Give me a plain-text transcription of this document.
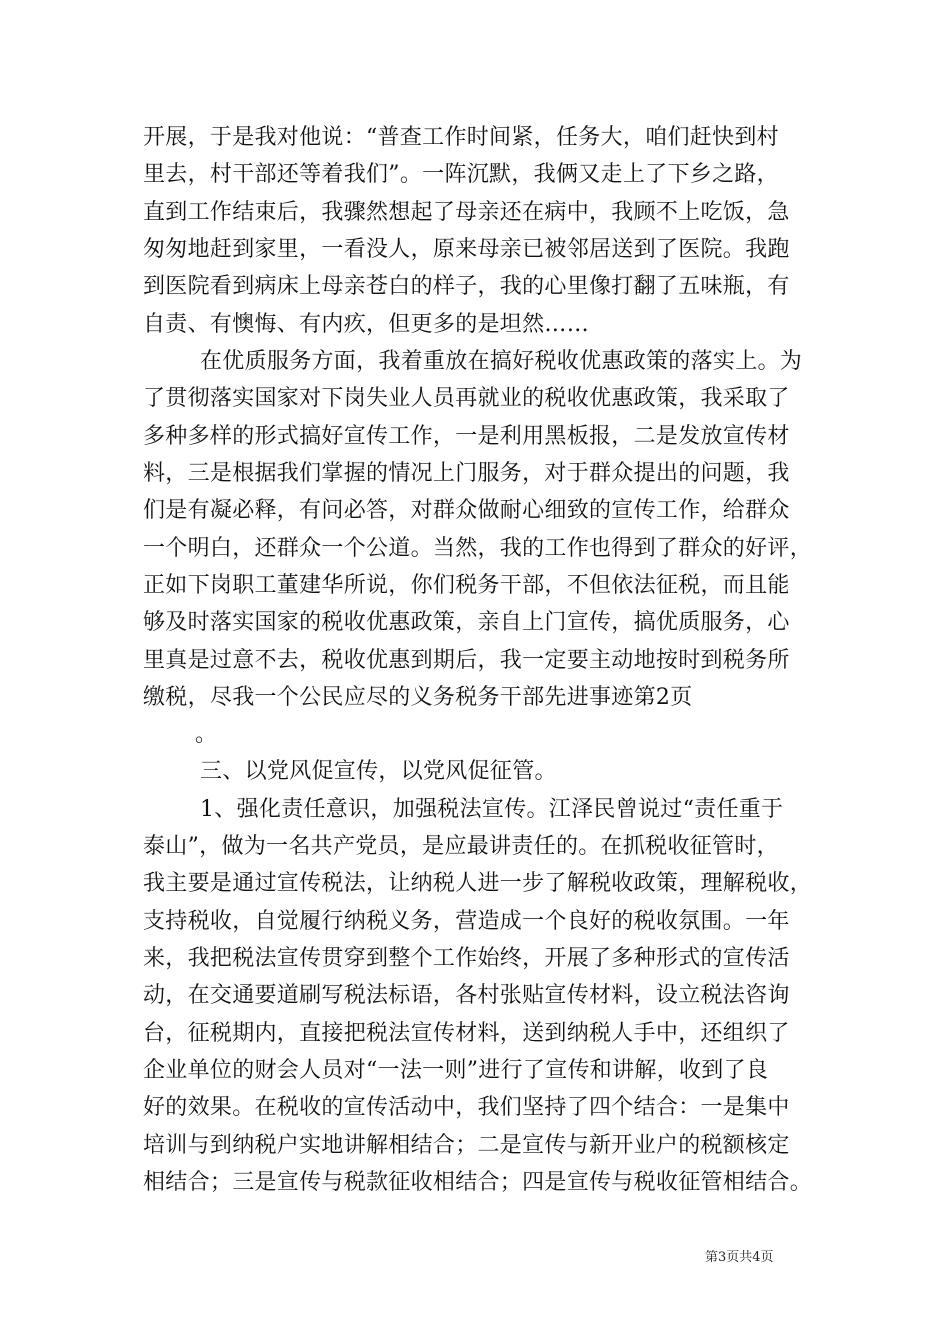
开展，于是我对他说：“普查工作时间紧，任务大，咱们赶快到村
里去，村干部还等着我们”。一阵沉默，我俩又走上了下乡之路，
直到工作结束后，我骤然想起了母亲还在病中，我顾不上吃饭，急
匆匆地赶到家里，一看没人，原来母亲已被邻居送到了医院。我跑
到医院看到病床上母亲苍白的样子，我的心里像打翻了五味瓶，有
自责、有懊悔、有内疚，但更多的是坦然……
在优质服务方面，我着重放在搞好税收优惠政策的落实上。为
了贯彻落实国家对下岗失业人员再就业的税收优惠政策，我采取了
多种多样的形式搞好宣传工作，一是利用黑板报，二是发放宣传材
料，三是根据我们掌握的情况上门服务，对于群众提出的问题，我
们是有凝必释，有问必答，对群众做耐心细致的宣传工作，给群众
一个明白，还群众一个公道。当然，我的工作也得到了群众的好评，
正如下岗职工董建华所说，你们税务干部，不但依法征税，而且能
够及时落实国家的税收优惠政策，亲自上门宣传，搞优质服务，心
里真是过意不去，税收优惠到期后，我一定要主动地按时到税务所
缴税，尽我一个公民应尽的义务税务干部先进事迹第2页
。
三、以党风促宣传，以党风促征管。
1、强化责任意识，加强税法宣传。江泽民曾说过“责任重于
泰山”，做为一名共产党员，是应最讲责任的。在抓税收征管时，
我主要是通过宣传税法，让纳税人进一步了解税收政策，理解税收，
支持税收，自觉履行纳税义务，营造成一个良好的税收氛围。一年
来，我把税法宣传贯穿到整个工作始终，开展了多种形式的宣传活
动，在交通要道刷写税法标语，各村张贴宣传材料，设立税法咨询
台，征税期内，直接把税法宣传材料，送到纳税人手中，还组织了
企业单位的财会人员对“一法一则”进行了宣传和讲解，收到了良
好的效果。在税收的宣传活动中，我们坚持了四个结合：一是集中
培训与到纳税户实地讲解相结合；二是宣传与新开业户的税额核定
相结合；三是宣传与税款征收相结合；四是宣传与税收征管相结合。
第3页共4页
